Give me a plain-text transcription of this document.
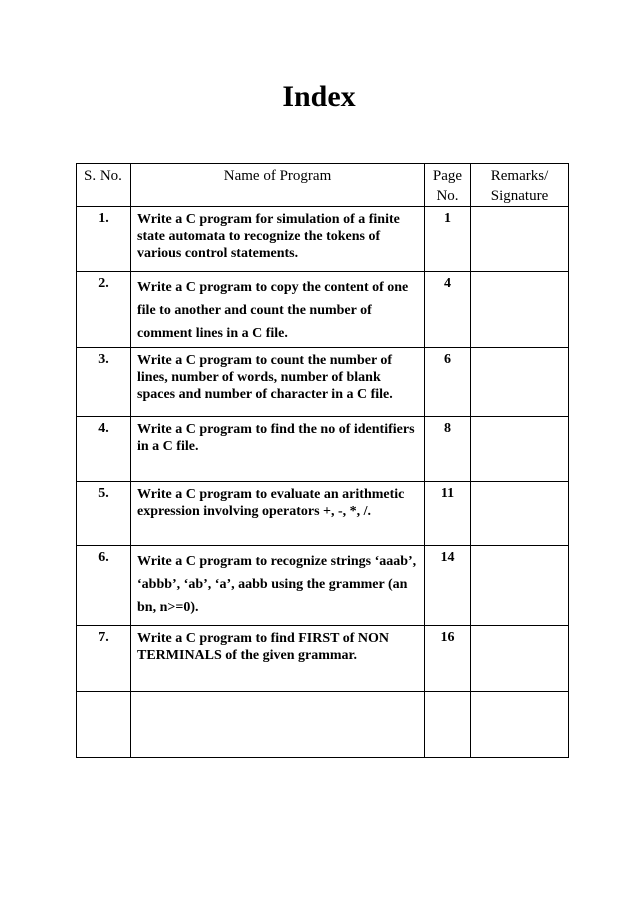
Index
S. No.	Name of Program	Page No.	Remarks/ Signature
1.	Write a C program for simulation of a finite state automata to recognize the tokens of various control statements.	1	
2.	Write a C program to copy the content of one file to another and count the number of comment lines in a C file.	4	
3.	Write a C program to count the number of lines, number of words, number of blank spaces and number of character in a C file.	6	
4.	Write a C program to find the no of identifiers in a C file.	8	
5.	Write a C program to evaluate an arithmetic expression involving operators +, -, *, /.	11	
6.	Write a C program to recognize strings ‘aaab’, ‘abbb’, ‘ab’, ‘a’, aabb using the grammer (an bn, n>=0).	14	
7.	Write a C program to find FIRST of NON TERMINALS of the given grammar.	16	
